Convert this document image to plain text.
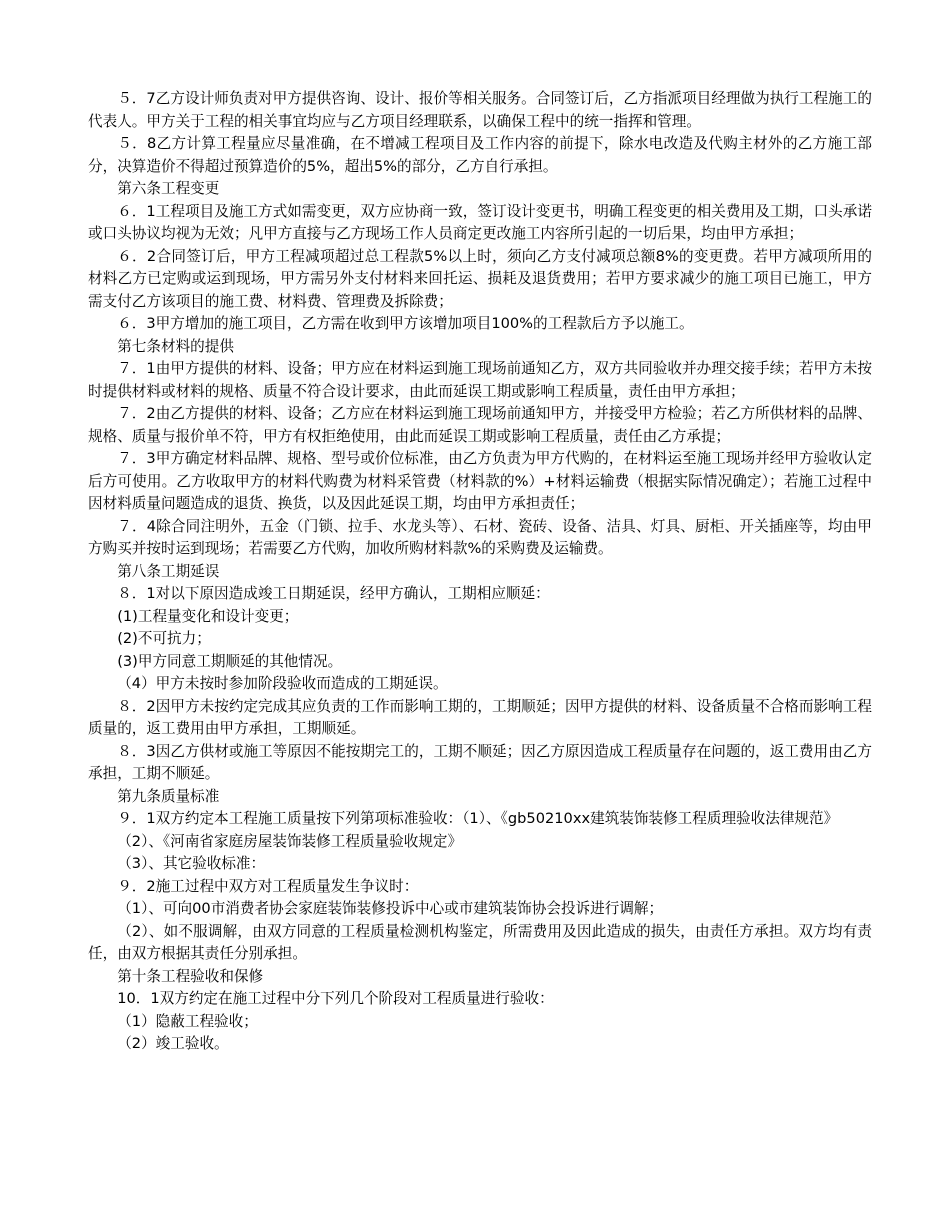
５．7乙方设计师负责对甲方提供咨询、设计、报价等相关服务。合同签订后，乙方指派项目经理做为执行工程施工的代表人。甲方关于工程的相关事宜均应与乙方项目经理联系，以确保工程中的统一指挥和管理。

５．8乙方计算工程量应尽量准确，在不增减工程项目及工作内容的前提下，除水电改造及代购主材外的乙方施工部分，决算造价不得超过预算造价的5%，超出5%的部分，乙方自行承担。

第六条工程变更

６．1工程项目及施工方式如需变更，双方应协商一致，签订设计变更书，明确工程变更的相关费用及工期，口头承诺或口头协议均视为无效；凡甲方直接与乙方现场工作人员商定更改施工内容所引起的一切后果，均由甲方承担；

６．2合同签订后，甲方工程减项超过总工程款5%以上时，须向乙方支付减项总额8%的变更费。若甲方减项所用的材料乙方已定购或运到现场，甲方需另外支付材料来回托运、损耗及退货费用；若甲方要求减少的施工项目已施工，甲方需支付乙方该项目的施工费、材料费、管理费及拆除费；

６．3甲方增加的施工项目，乙方需在收到甲方该增加项目100%的工程款后方予以施工。

第七条材料的提供

７．1由甲方提供的材料、设备；甲方应在材料运到施工现场前通知乙方，双方共同验收并办理交接手续；若甲方未按时提供材料或材料的规格、质量不符合设计要求，由此而延误工期或影响工程质量，责任由甲方承担；

７．2由乙方提供的材料、设备；乙方应在材料运到施工现场前通知甲方，并接受甲方检验；若乙方所供材料的品牌、规格、质量与报价单不符，甲方有权拒绝使用，由此而延误工期或影响工程质量，责任由乙方承提；

７．3甲方确定材料品牌、规格、型号或价位标准，由乙方负责为甲方代购的，在材料运至施工现场并经甲方验收认定后方可使用。乙方收取甲方的材料代购费为材料采管费（材料款的%）+材料运输费（根据实际情况确定）；若施工过程中因材料质量问题造成的退货、换货，以及因此延误工期，均由甲方承担责任；

７．4除合同注明外，五金（门锁、拉手、水龙头等）、石材、瓷砖、设备、洁具、灯具、厨柜、开关插座等，均由甲方购买并按时运到现场；若需要乙方代购，加收所购材料款%的采购费及运输费。

第八条工期延误

８．1对以下原因造成竣工日期延误，经甲方确认，工期相应顺延：

(1)工程量变化和设计变更；

(2)不可抗力；

(3)甲方同意工期顺延的其他情况。

（4）甲方未按时参加阶段验收而造成的工期延误。

８．2因甲方未按约定完成其应负责的工作而影响工期的，工期顺延；因甲方提供的材料、设备质量不合格而影响工程质量的，返工费用由甲方承担，工期顺延。

８．3因乙方供材或施工等原因不能按期完工的，工期不顺延；因乙方原因造成工程质量存在问题的，返工费用由乙方承担，工期不顺延。

第九条质量标准

９．1双方约定本工程施工质量按下列第项标准验收：（1）、《gb50210xx建筑装饰装修工程质理验收法律规范》

（2）、《河南省家庭房屋装饰装修工程质量验收规定》

（3）、其它验收标准：

９．2施工过程中双方对工程质量发生争议时：

（1）、可向00市消费者协会家庭装饰装修投诉中心或市建筑装饰协会投诉进行调解；

（2）、如不服调解，由双方同意的工程质量检测机构鉴定，所需费用及因此造成的损失，由责任方承担。双方均有责任，由双方根据其责任分别承担。

第十条工程验收和保修

10．1双方约定在施工过程中分下列几个阶段对工程质量进行验收：

（1）隐蔽工程验收；

（2）竣工验收。
